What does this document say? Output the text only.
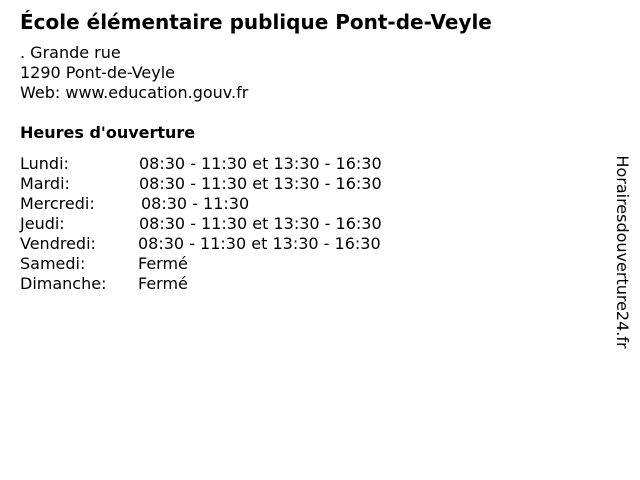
École élémentaire publique Pont-de-Veyle
. Grande rue
1290 Pont-de-Veyle
Web: www.education.gouv.fr
Heures d'ouverture
Lundi:	08:30 - 11:30 et 13:30 - 16:30
Mardi:	08:30 - 11:30 et 13:30 - 16:30
Mercredi:	08:30 - 11:30
Jeudi:	08:30 - 11:30 et 13:30 - 16:30
Vendredi:	08:30 - 11:30 et 13:30 - 16:30
Samedi:	Fermé
Dimanche: Fermé	Horairesdouverture24.fr
